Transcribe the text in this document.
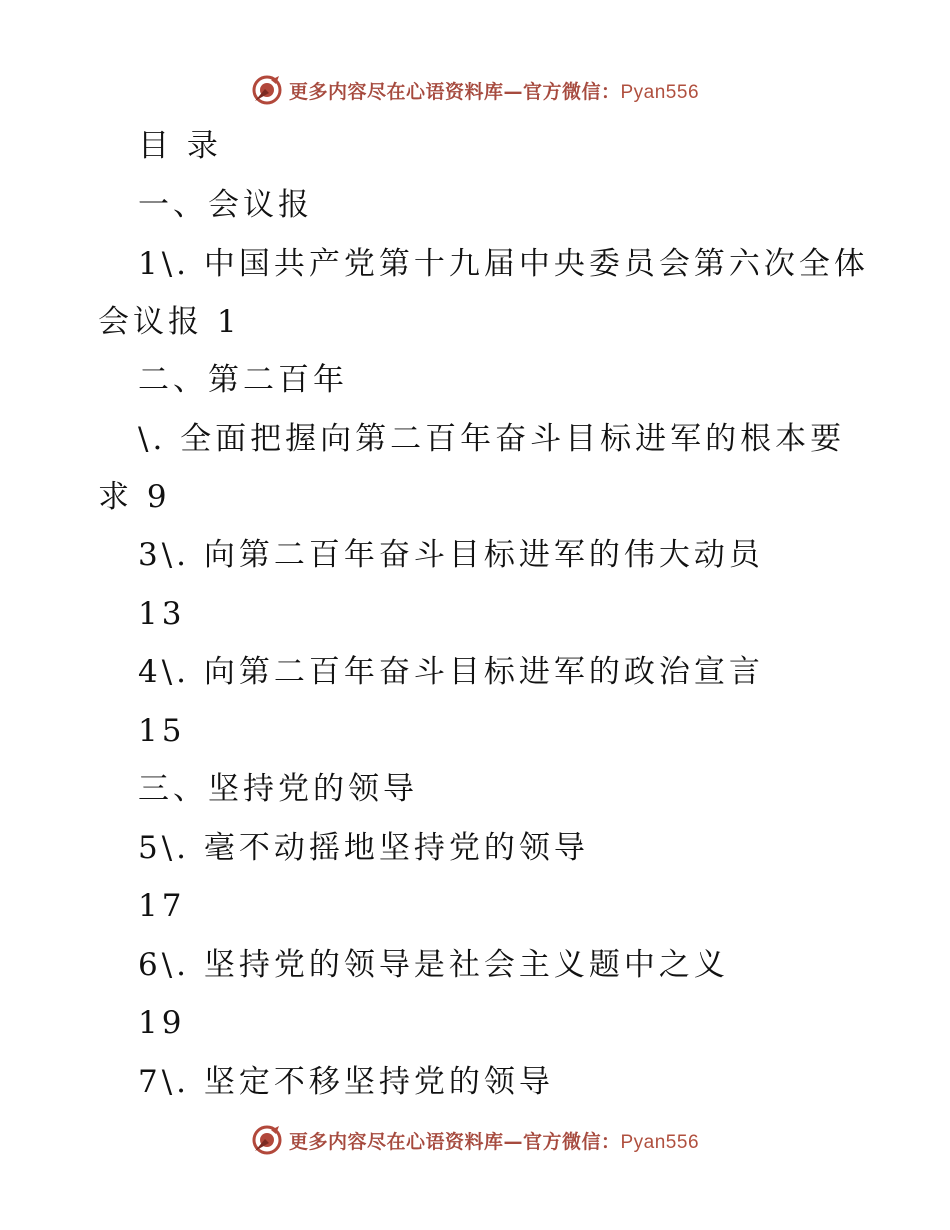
更多内容尽在心语资料库—官方微信：Pyan556
目 录
一、会议报
1\. 中国共产党第十九届中央委员会第六次全体
会议报 1
二、第二百年
\. 全面把握向第二百年奋斗目标进军的根本要
求 9
3\. 向第二百年奋斗目标进军的伟大动员
13
4\. 向第二百年奋斗目标进军的政治宣言
15
三、坚持党的领导
5\. 毫不动摇地坚持党的领导
17
6\. 坚持党的领导是社会主义题中之义
19
7\. 坚定不移坚持党的领导
更多内容尽在心语资料库—官方微信：Pyan556
